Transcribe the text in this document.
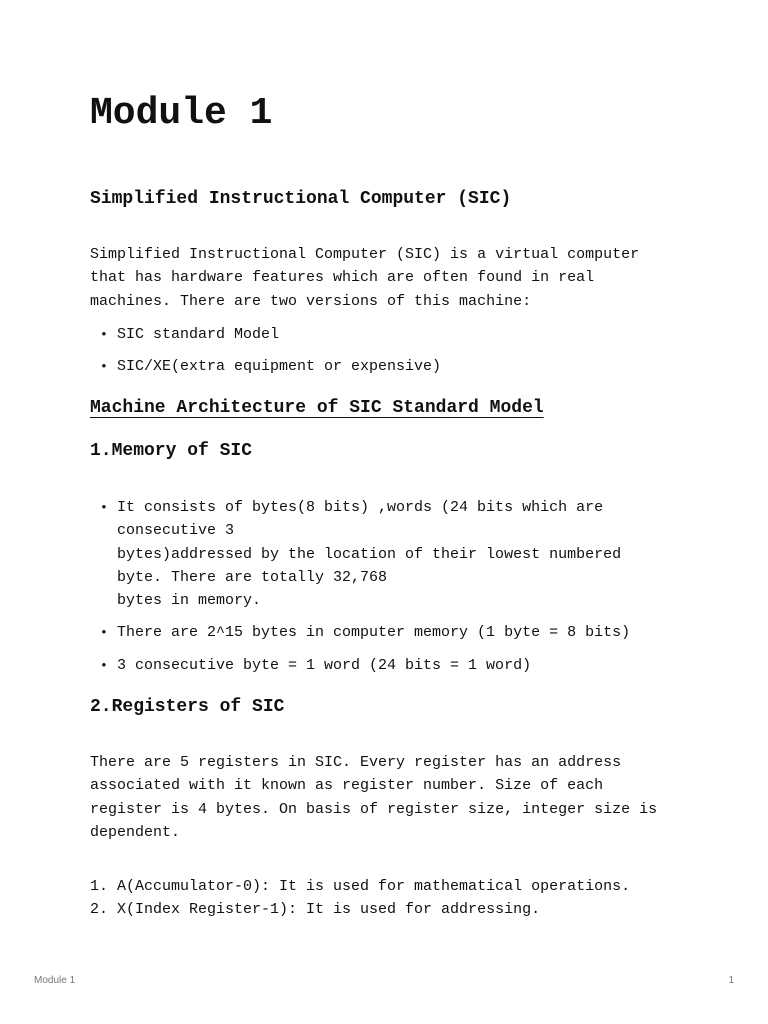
Module 1
Simplified Instructional Computer (SIC)

Simplified Instructional Computer (SIC) is a virtual computer
that has hardware features which are often found in real
machines. There are two versions of this machine:

• SIC standard Model
• SIC/XE(extra equipment or expensive)
Machine Architecture of SIC Standard Model
1.Memory of SIC
• It consists of bytes(8 bits) ,words (24 bits which are
consecutive 3
bytes)addressed by the location of their lowest numbered
byte. There are totally 32,768
bytes in memory.
• There are 2^15 bytes in computer memory (1 byte = 8 bits)
• 3 consecutive byte = 1 word (24 bits = 1 word)
2.Registers of SIC

There are 5 registers in SIC. Every register has an address
associated with it known as register number. Size of each
register is 4 bytes. On basis of register size, integer size is
dependent.

1. A(Accumulator-0): It is used for mathematical operations.
2. X(Index Register-1): It is used for addressing.
Module 1	1
